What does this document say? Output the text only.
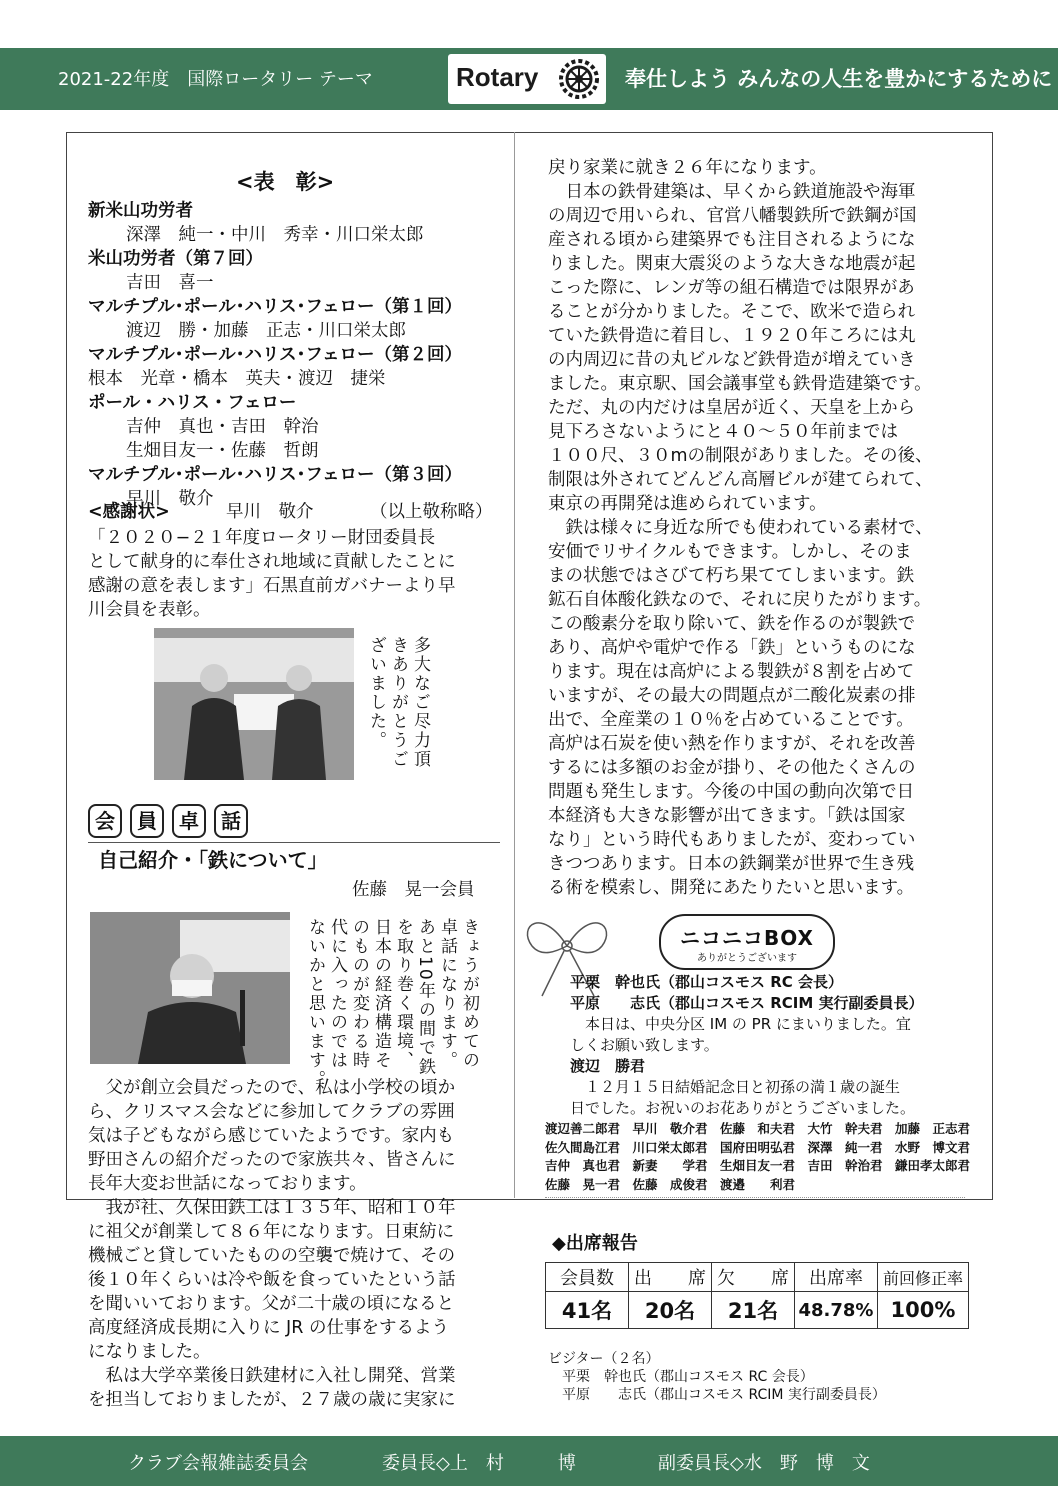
2021-22年度　国際ロータリー テーマ	Rotary	奉仕しよう みんなの人生を豊かにするために
<表　彰>
新米山功労者
深澤　純一・中川　秀幸・川口栄太郎
米山功労者（第７回）
吉田　喜一
マルチプル･ポール･ハリス･フェロー（第１回）
渡辺　勝・加藤　正志・川口栄太郎
マルチプル･ポール･ハリス･フェロー（第２回）
根本　光章・橋本　英夫・渡辺　捷栄
ポール・ハリス・フェロー
吉仲　真也・吉田　幹治
生畑目友一・佐藤　哲朗
マルチプル･ポール･ハリス･フェロー（第３回）
早川　敬介
<感謝状>	早川　敬介	（以上敬称略）
「２０２０−２１年度ロータリー財団委員長
として献身的に奉仕され地域に貢献したことに
感謝の意を表します」石黒直前ガバナーより早
川会員を表彰。
多大なご尽力頂
きありがとうご
ざいました。
会 員 卓 話
自己紹介・「鉄について」
佐藤　晃一会員
きょうが初めての
卓話になります。
あと10年の間で鉄
を取り巻く環境、
日本の経済構造そ
のものが変わる時
代に入ったのでは
ないかと思います。
　父が創立会員だったので、私は小学校の頃か
ら、クリスマス会などに参加してクラブの雰囲
気は子どもながら感じていたようです。家内も
野田さんの紹介だったので家族共々、皆さんに
長年大変お世話になっております。
　我が社、久保田鉄工は１３５年、昭和１０年
に祖父が創業して８６年になります。日東紡に
機械ごと貸していたものの空襲で焼けて、その
後１０年くらいは冷や飯を食っていたという話
を聞いいております。父が二十歳の頃になると
高度経済成長期に入りに JR の仕事をするよう
になりました。
　私は大学卒業後日鉄建材に入社し開発、営業
を担当しておりましたが、２７歳の歳に実家に
戻り家業に就き２６年になります。
　日本の鉄骨建築は、早くから鉄道施設や海軍
の周辺で用いられ、官営八幡製鉄所で鉄鋼が国
産される頃から建築界でも注目されるようにな
りました。関東大震災のような大きな地震が起
こった際に、レンガ等の組石構造では限界があ
ることが分かりました。そこで、欧米で造られ
ていた鉄骨造に着目し、１９２０年ころには丸
の内周辺に昔の丸ビルなど鉄骨造が増えていき
ました。東京駅、国会議事堂も鉄骨造建築です。
ただ、丸の内だけは皇居が近く、天皇を上から
見下ろさないようにと４０～５０年前までは
１００尺、３０mの制限がありました。その後、
制限は外されてどんどん高層ビルが建てられて、
東京の再開発は進められています。
　鉄は様々に身近な所でも使われている素材で、
安価でリサイクルもできます。しかし、そのま
まの状態ではさびて朽ち果ててしまいます。鉄
鉱石自体酸化鉄なので、それに戻りたがります。
この酸素分を取り除いて、鉄を作るのが製鉄で
あり、高炉や電炉で作る「鉄」というものにな
ります。現在は高炉による製鉄が８割を占めて
いますが、その最大の問題点が二酸化炭素の排
出で、全産業の１０％を占めていることです。
高炉は石炭を使い熱を作りますが、それを改善
するには多額のお金が掛り、その他たくさんの
問題も発生します。今後の中国の動向次第で日
本経済も大きな影響が出てきます。「鉄は国家
なり」という時代もありましたが、変わってい
きつつあります。日本の鉄鋼業が世界で生き残
る術を模索し、開発にあたりたいと思います。
ニコニコBOX
ありがとうございます
平栗　幹也氏（郡山コスモス RC 会長）
平原　　志氏（郡山コスモス RCIM 実行副委員長）
　本日は、中央分区 IM の PR にまいりました。宜
しくお願い致します。
渡辺　勝君
　１２月１５日結婚記念日と初孫の満１歳の誕生
日でした。お祝いのお花ありがとうございました。
渡辺善二郎君　早川　敬介君　佐藤　和夫君　大竹　幹夫君　加藤　正志君
佐久間島江君　川口栄太郎君　国府田明弘君　深澤　純一君　水野　博文君
吉仲　真也君　新妻　　学君　生畑目友一君　吉田　幹治君　鎌田孝太郎君
佐藤　晃一君　佐藤　成俊君　渡邉　　利君
◆出席報告
会員数	出　　席	欠　　席	出席率	前回修正率
41名	20名	21名	48.78%	100%
ビジター（２名）
　平栗　幹也氏（郡山コスモス RC 会長）
　平原　　志氏（郡山コスモス RCIM 実行副委員長）
クラブ会報雑誌委員会	委員長◇上　村　　　博	副委員長◇水　野　博　文
